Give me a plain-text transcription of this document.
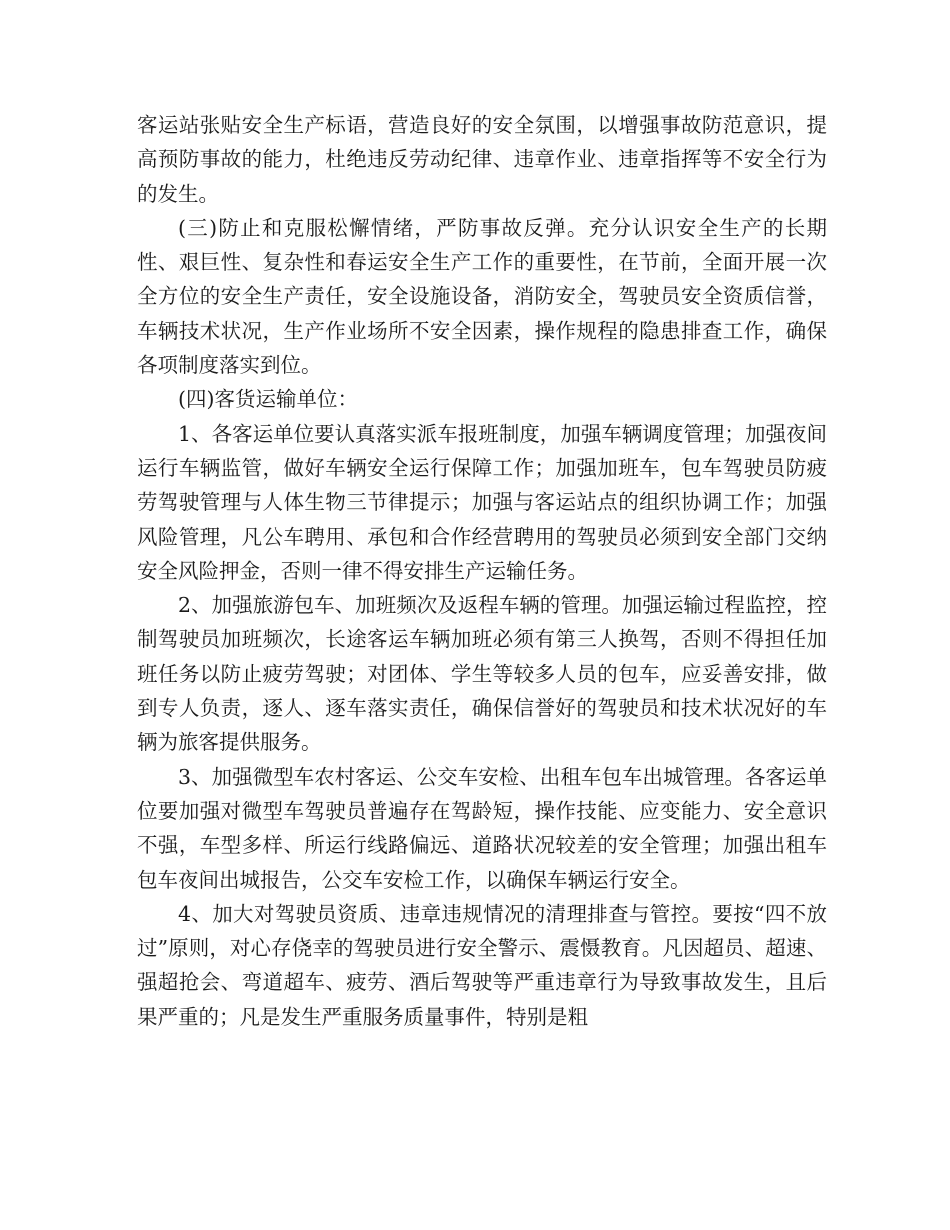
客运站张贴安全生产标语，营造良好的安全氛围，以增强事故防范意识，提高预防事故的能力，杜绝违反劳动纪律、违章作业、违章指挥等不安全行为的发生。

(三)防止和克服松懈情绪，严防事故反弹。充分认识安全生产的长期性、艰巨性、复杂性和春运安全生产工作的重要性，在节前，全面开展一次全方位的安全生产责任，安全设施设备，消防安全，驾驶员安全资质信誉，车辆技术状况，生产作业场所不安全因素，操作规程的隐患排查工作，确保各项制度落实到位。

(四)客货运输单位：

1、各客运单位要认真落实派车报班制度，加强车辆调度管理；加强夜间运行车辆监管，做好车辆安全运行保障工作；加强加班车，包车驾驶员防疲劳驾驶管理与人体生物三节律提示；加强与客运站点的组织协调工作；加强风险管理，凡公车聘用、承包和合作经营聘用的驾驶员必须到安全部门交纳安全风险押金，否则一律不得安排生产运输任务。

2、加强旅游包车、加班频次及返程车辆的管理。加强运输过程监控，控制驾驶员加班频次，长途客运车辆加班必须有第三人换驾，否则不得担任加班任务以防止疲劳驾驶；对团体、学生等较多人员的包车，应妥善安排，做到专人负责，逐人、逐车落实责任，确保信誉好的驾驶员和技术状况好的车辆为旅客提供服务。

3、加强微型车农村客运、公交车安检、出租车包车出城管理。各客运单位要加强对微型车驾驶员普遍存在驾龄短，操作技能、应变能力、安全意识不强，车型多样、所运行线路偏远、道路状况较差的安全管理；加强出租车包车夜间出城报告，公交车安检工作，以确保车辆运行安全。

4、加大对驾驶员资质、违章违规情况的清理排查与管控。要按“四不放过”原则，对心存侥幸的驾驶员进行安全警示、震慑教育。凡因超员、超速、强超抢会、弯道超车、疲劳、酒后驾驶等严重违章行为导致事故发生，且后果严重的；凡是发生严重服务质量事件，特别是粗
